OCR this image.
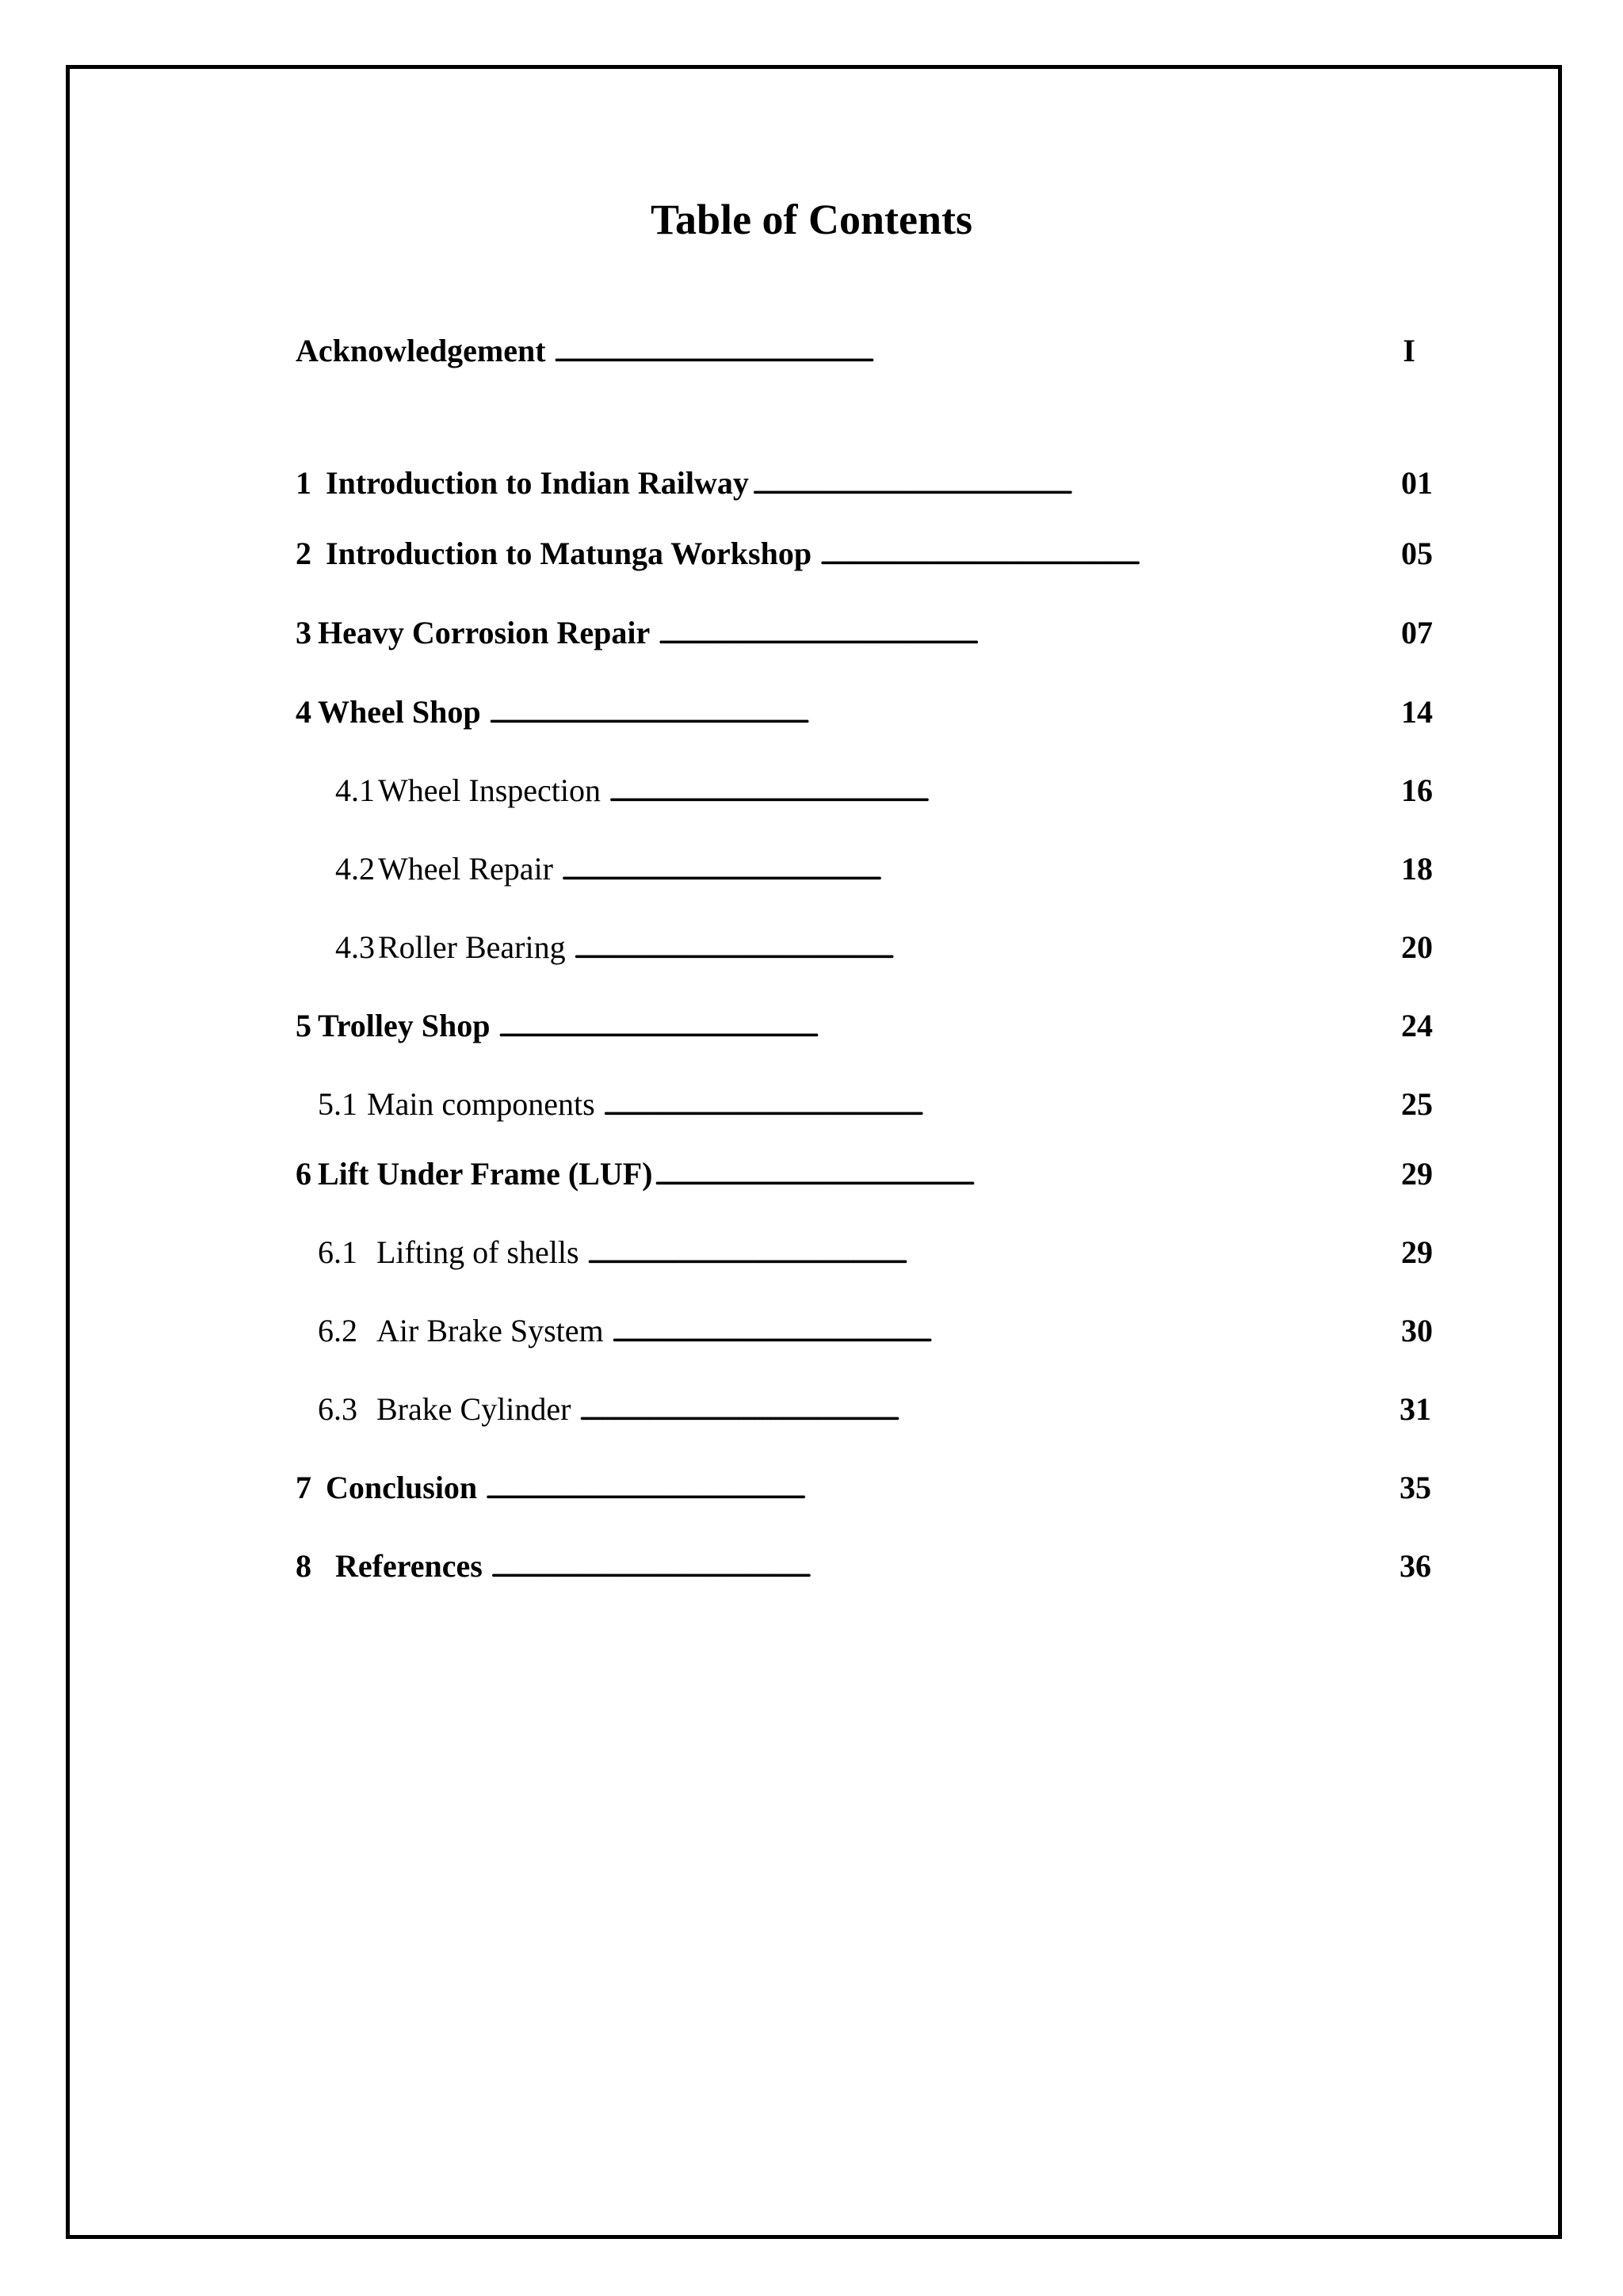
Table of Contents
Acknowledgement . . .	I
1 Introduction to Indian Railway . . .	01
2 Introduction to Matunga Workshop . . .	05
3 Heavy Corrosion Repair . . .	07
4 Wheel Shop . . .	14
4.1 Wheel Inspection . . .	16
4.2 Wheel Repair . . .	18
4.3 Roller Bearing . . .	20
5 Trolley Shop . . .	24
5.1 Main components . . .	25
6 Lift Under Frame (LUF) . . .	29
6.1 Lifting of shells . . .	29
6.2 Air Brake System . . .	30
6.3 Brake Cylinder . . .	31
7 Conclusion . . .	35
8 References . . .	36
